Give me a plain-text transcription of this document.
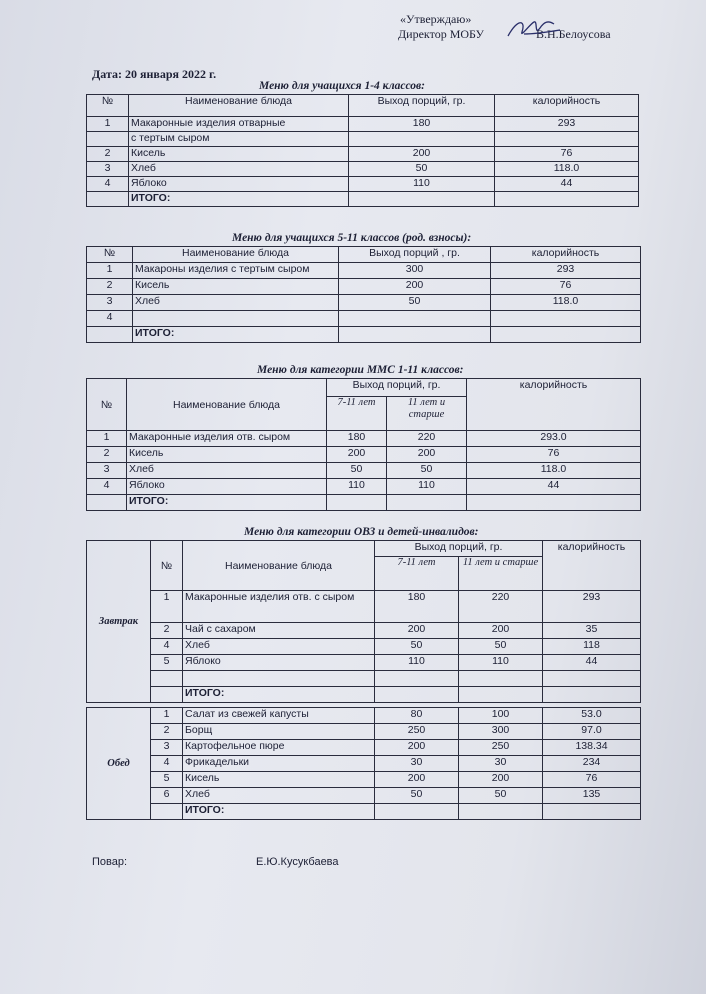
«Утверждаю»
Директор МОБУ	В.Н.Белоусова
Дата: 20 января 2022 г.
Меню для учащихся 1-4 классов:
№	Наименование блюда	Выход порций, гр.	калорийность
1	Макаронные изделия отварные	180	293
	с тертым сыром		
2	Кисель	200	76
3	Хлеб	50	118.0
4	Яблоко	110	44
	ИТОГО:		
Меню для учащихся 5-11 классов (род. взносы):
№	Наименование блюда	Выход порций , гр.	калорийность
1	Макароны изделия с тертым сыром	300	293
2	Кисель	200	76
3	Хлеб	50	118.0
4			
	ИТОГО:		
Меню для категории ММС 1-11 классов:
№	Наименование блюда	Выход порций, гр.		калорийность
		7-11 лет	11 лет и старше	
1	Макаронные изделия отв. сыром	180	220	293.0
2	Кисель	200	200	76
3	Хлеб	50	50	118.0
4	Яблоко	110	110	44
	ИТОГО:			
Меню для категории ОВЗ и детей-инвалидов:
Завтрак	№	Наименование блюда	Выход порций, гр.		калорийность
			7-11 лет	11 лет и старше	
	1	Макаронные изделия отв. с сыром	180	220	293
	2	Чай с сахаром	200	200	35
	4	Хлеб	50	50	118
	5	Яблоко	110	110	44

		ИТОГО:			
Обед	1	Салат из свежей капусты	80	100	53.0
	2	Борщ	250	300	97.0
	3	Картофельное пюре	200	250	138.34
	4	Фрикадельки	30	30	234
	5	Кисель	200	200	76
	6	Хлеб	50	50	135
		ИТОГО:			
Повар:	Е.Ю.Кусукбаева
